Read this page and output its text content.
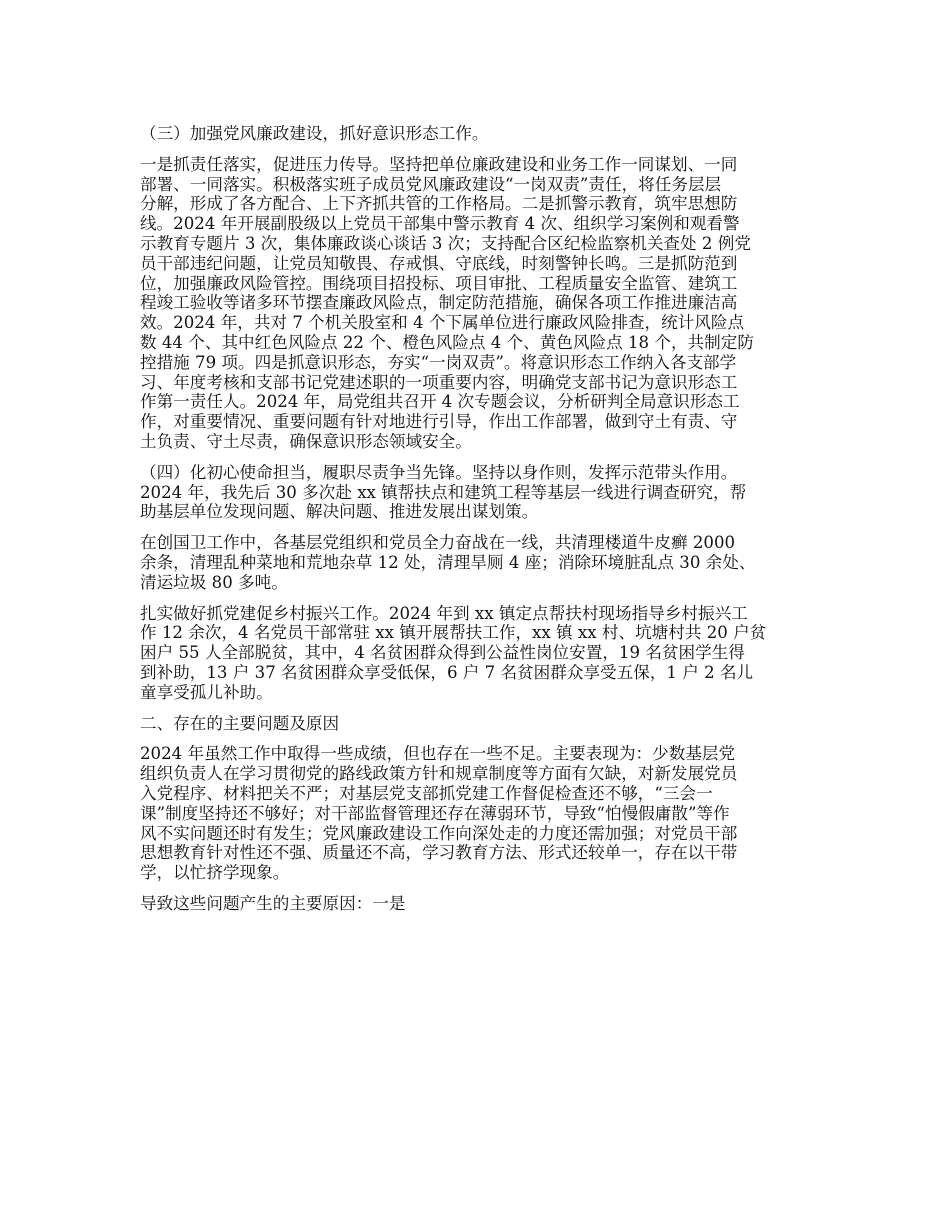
（三）加强党风廉政建设，抓好意识形态工作。
一是抓责任落实，促进压力传导。坚持把单位廉政建设和业务工作一同谋划、一同
部署、一同落实。积极落实班子成员党风廉政建设“一岗双责”责任，将任务层层
分解，形成了各方配合、上下齐抓共管的工作格局。二是抓警示教育，筑牢思想防
线。2024 年开展副股级以上党员干部集中警示教育 4 次、组织学习案例和观看警
示教育专题片 3 次，集体廉政谈心谈话 3 次；支持配合区纪检监察机关查处 2 例党
员干部违纪问题，让党员知敬畏、存戒惧、守底线，时刻警钟长鸣。三是抓防范到
位，加强廉政风险管控。围绕项目招投标、项目审批、工程质量安全监管、建筑工
程竣工验收等诸多环节摆查廉政风险点，制定防范措施，确保各项工作推进廉洁高
效。2024 年，共对 7 个机关股室和 4 个下属单位进行廉政风险排查，统计风险点
数 44 个、其中红色风险点 22 个、橙色风险点 4 个、黄色风险点 18 个，共制定防
控措施 79 项。四是抓意识形态，夯实“一岗双责”。将意识形态工作纳入各支部学
习、年度考核和支部书记党建述职的一项重要内容，明确党支部书记为意识形态工
作第一责任人。2024 年，局党组共召开 4 次专题会议，分析研判全局意识形态工
作，对重要情况、重要问题有针对地进行引导，作出工作部署，做到守土有责、守
土负责、守土尽责，确保意识形态领域安全。
（四）化初心使命担当，履职尽责争当先锋。坚持以身作则，发挥示范带头作用。
2024 年，我先后 30 多次赴 xx 镇帮扶点和建筑工程等基层一线进行调查研究，帮
助基层单位发现问题、解决问题、推进发展出谋划策。
在创国卫工作中，各基层党组织和党员全力奋战在一线，共清理楼道牛皮癣 2000
余条，清理乱种菜地和荒地杂草 12 处，清理旱厕 4 座；消除环境脏乱点 30 余处、
清运垃圾 80 多吨。
扎实做好抓党建促乡村振兴工作。2024 年到 xx 镇定点帮扶村现场指导乡村振兴工
作 12 余次，4 名党员干部常驻 xx 镇开展帮扶工作，xx 镇 xx 村、坑塘村共 20 户贫
困户 55 人全部脱贫，其中，4 名贫困群众得到公益性岗位安置，19 名贫困学生得
到补助，13 户 37 名贫困群众享受低保，6 户 7 名贫困群众享受五保，1 户 2 名儿
童享受孤儿补助。
二、存在的主要问题及原因
2024 年虽然工作中取得一些成绩，但也存在一些不足。主要表现为：少数基层党
组织负责人在学习贯彻党的路线政策方针和规章制度等方面有欠缺，对新发展党员
入党程序、材料把关不严；对基层党支部抓党建工作督促检查还不够，“三会一
课”制度坚持还不够好；对干部监督管理还存在薄弱环节，导致“怕慢假庸散”等作
风不实问题还时有发生；党风廉政建设工作向深处走的力度还需加强；对党员干部
思想教育针对性还不强、质量还不高，学习教育方法、形式还较单一，存在以干带
学，以忙挤学现象。
导致这些问题产生的主要原因：一是
